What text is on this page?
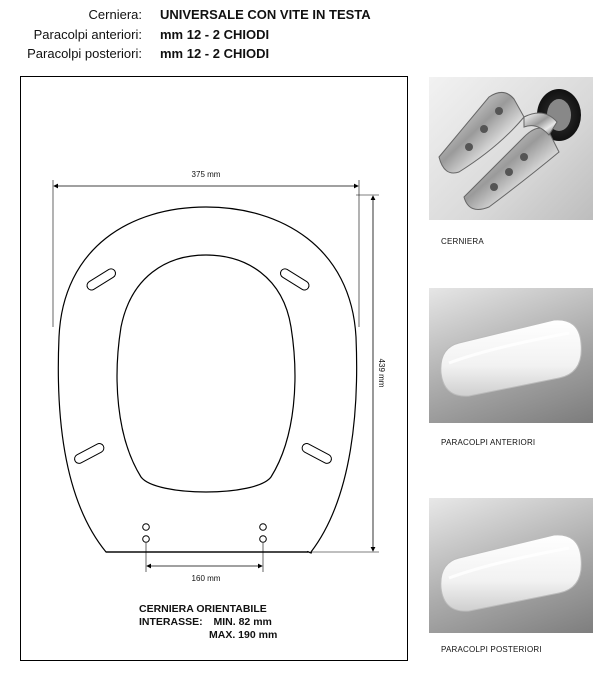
Cerniera: UNIVERSALE CON VITE IN TESTA
Paracolpi anteriori: mm 12 - 2 CHIODI
Paracolpi posteriori: mm 12 - 2 CHIODI
375 mm
439 mm
160 mm
CERNIERA ORIENTABILE
INTERASSE: MIN. 82 mm
MAX. 190 mm
CERNIERA
PARACOLPI ANTERIORI
PARACOLPI POSTERIORI
